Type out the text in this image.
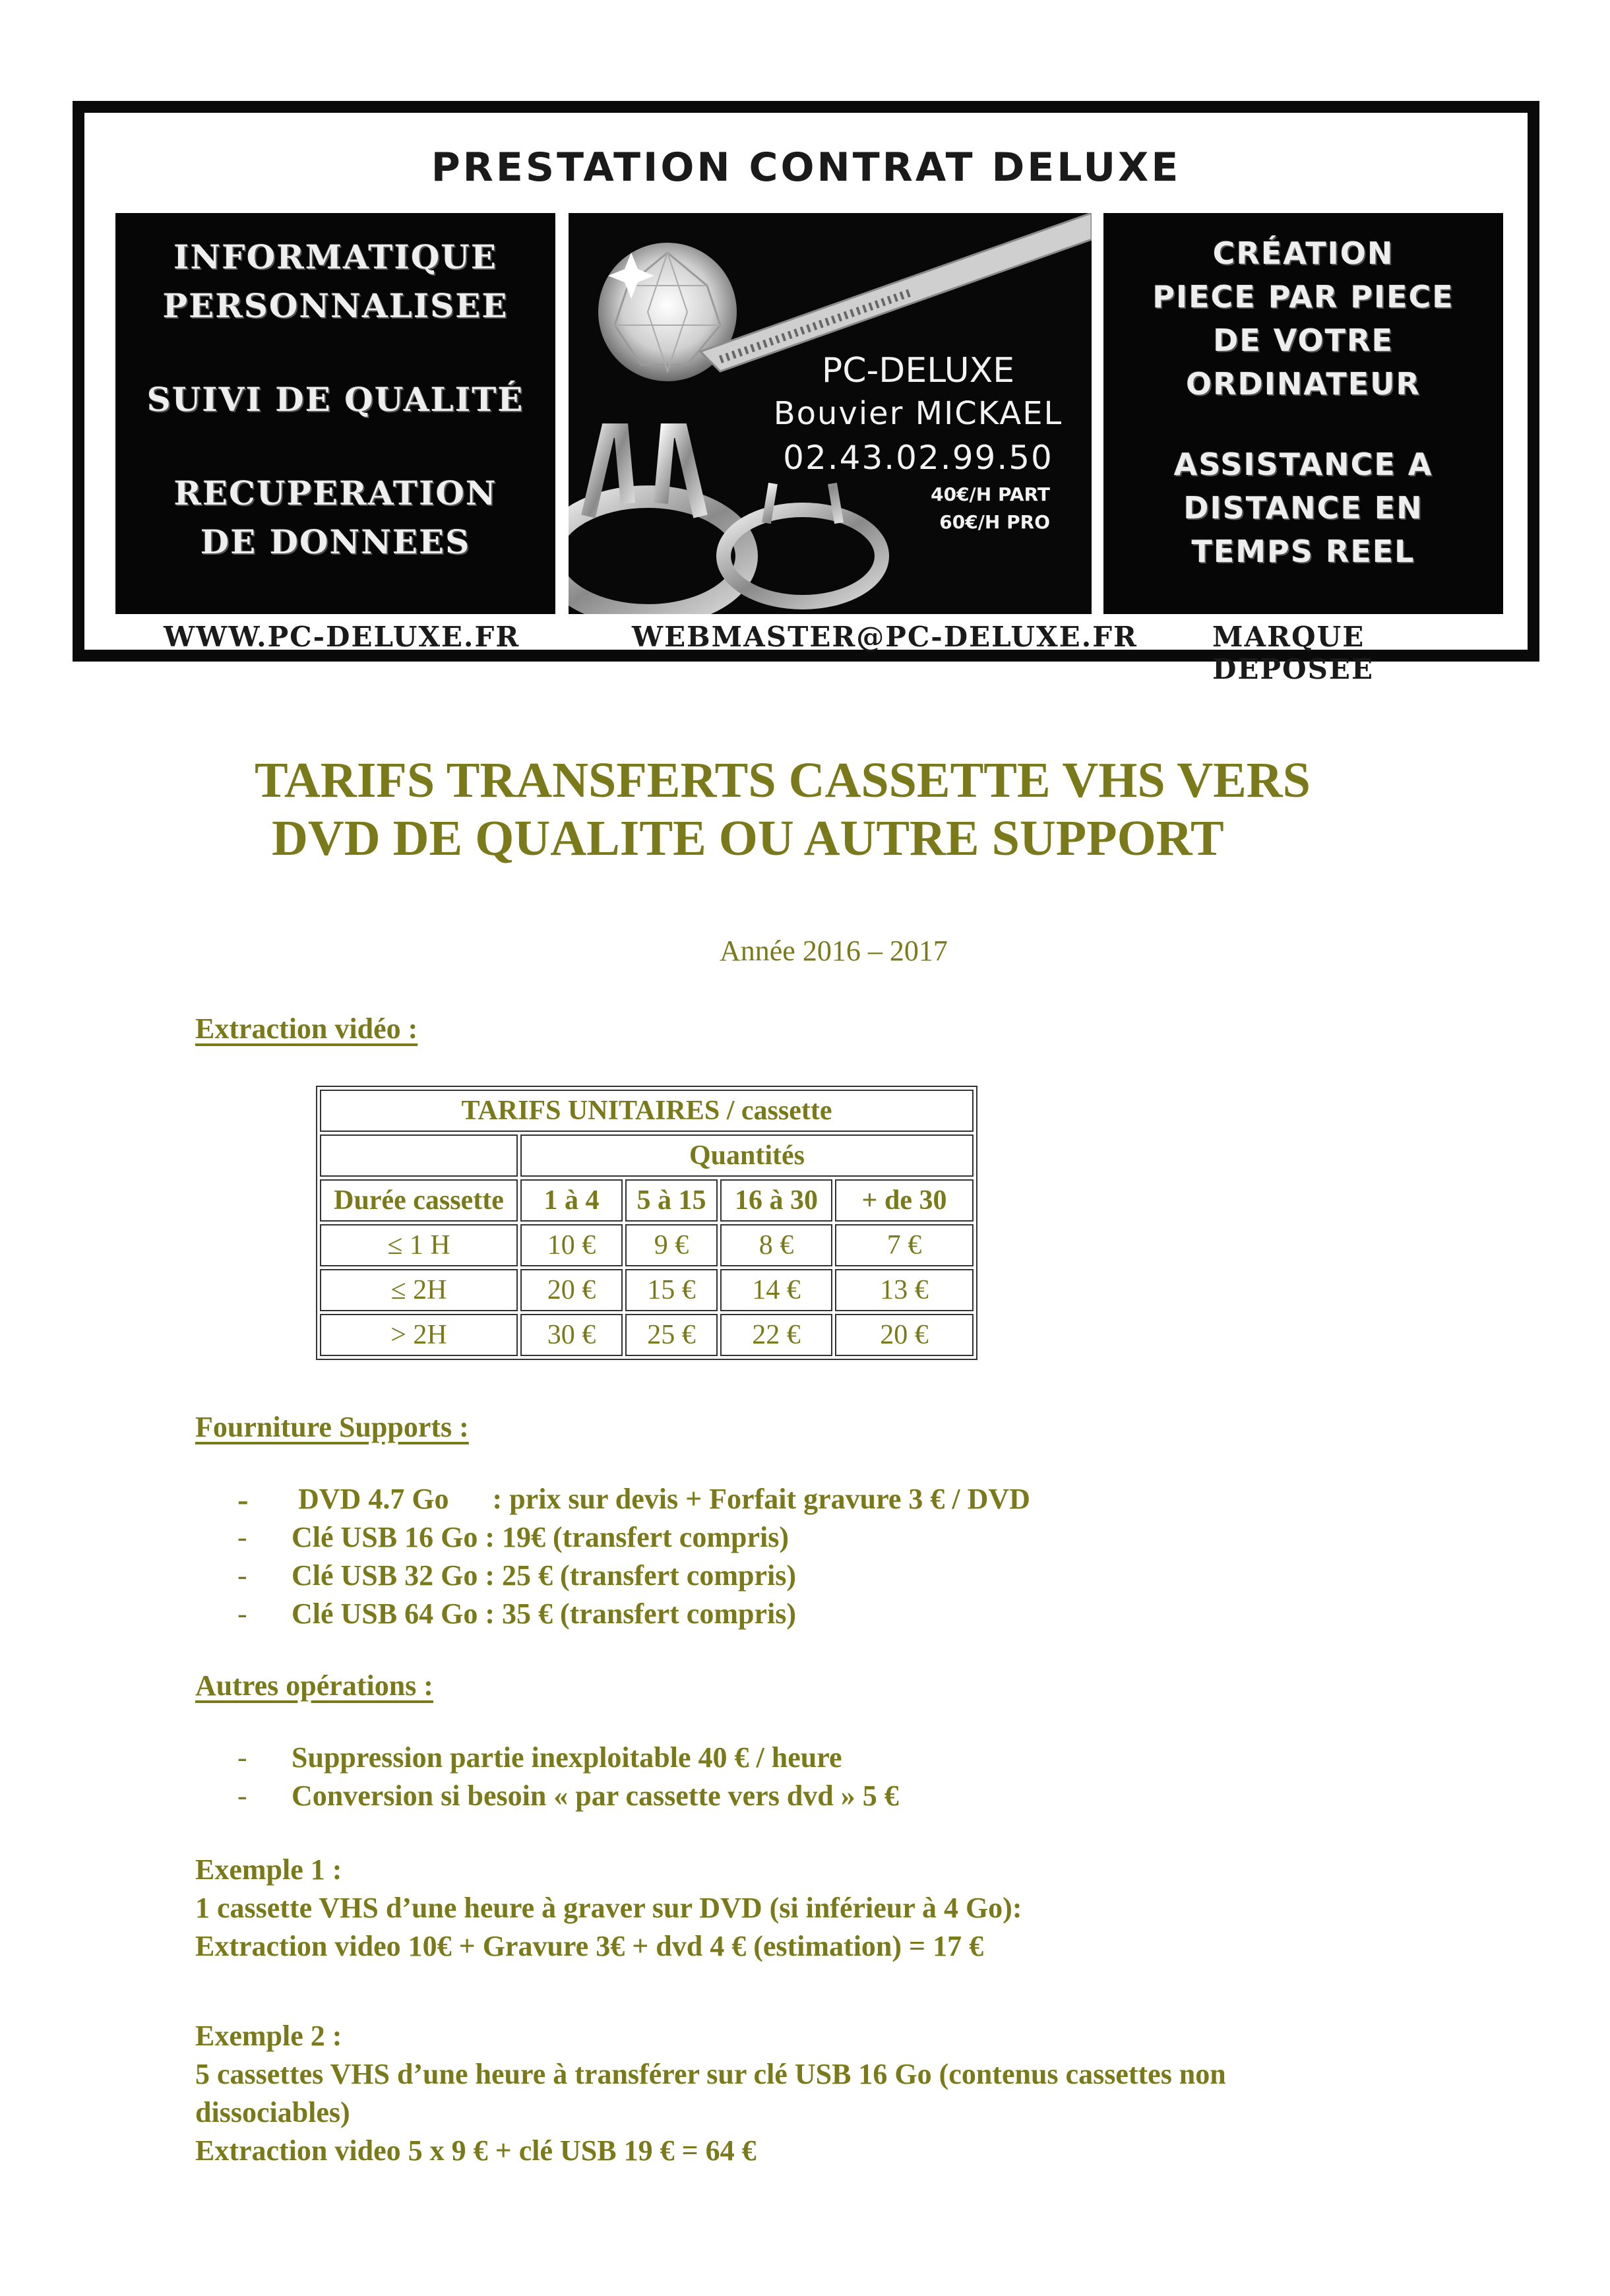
PRESTATION CONTRAT DELUXE
INFORMATIQUE
PERSONNALISEE
SUIVI DE QUALITÉ
RECUPERATION
DE DONNEES
PC-DELUXE
Bouvier MICKAEL
02.43.02.99.50
40€/H PART
60€/H PRO
CRÉATION
PIECE PAR PIECE
DE VOTRE
ORDINATEUR
ASSISTANCE A
DISTANCE EN
TEMPS REEL
WWW.PC-DELUXE.FR	WEBMASTER@PC-DELUXE.FR	MARQUE DEPOSEE
TARIFS TRANSFERTS CASSETTE VHS VERS
DVD DE QUALITE OU AUTRE SUPPORT
Année 2016 – 2017
Extraction vidéo :
TARIFS UNITAIRES / cassette				
	Quantités			
Durée cassette	1 à 4	5 à 15	16 à 30	+ de 30
≤ 1 H	10 €	9 €	8 €	7 €
≤ 2H	20 €	15 €	14 €	13 €
> 2H	30 €	25 €	22 €	20 €
Fourniture Supports :
-	DVD 4.7 Go      : prix sur devis + Forfait gravure 3 € / DVD
-	Clé USB 16 Go : 19€ (transfert compris)
-	Clé USB 32 Go : 25 € (transfert compris)
-	Clé USB 64 Go : 35 € (transfert compris)
Autres opérations :
-	Suppression partie inexploitable 40 € / heure
-	Conversion si besoin « par cassette vers dvd » 5 €
Exemple 1 :
1 cassette VHS d’une heure à graver sur DVD (si inférieur à 4 Go):
Extraction video 10€ + Gravure 3€ + dvd 4 € (estimation) = 17 €
Exemple 2 :
5 cassettes VHS d’une heure à transférer sur clé USB 16 Go (contenus cassettes non
dissociables)
Extraction video 5 x 9 € + clé USB 19 € = 64 €
